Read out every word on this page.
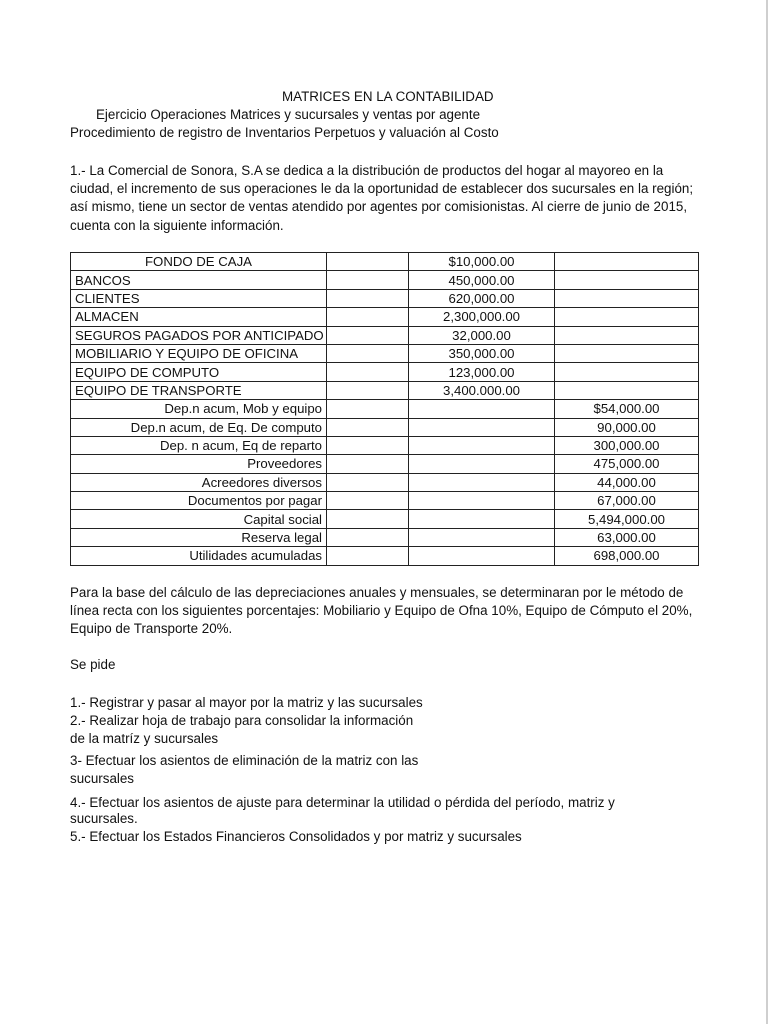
MATRICES EN LA CONTABILIDAD
Ejercicio Operaciones Matrices y sucursales y ventas por agente
Procedimiento de registro de Inventarios Perpetuos y valuación al Costo
1.- La Comercial de Sonora, S.A se dedica a la distribución de productos del hogar al mayoreo en la ciudad, el incremento de sus operaciones le da la oportunidad de establecer dos sucursales en la región; así mismo, tiene un sector de ventas atendido por agentes por comisionistas. Al cierre de junio de 2015, cuenta con la siguiente información.
FONDO DE CAJA		$10,000.00	
BANCOS		450,000.00	
CLIENTES		620,000.00	
ALMACEN		2,300,000.00	
SEGUROS PAGADOS POR ANTICIPADO		32,000.00	
MOBILIARIO Y EQUIPO DE OFICINA		350,000.00	
EQUIPO DE COMPUTO		123,000.00	
EQUIPO DE TRANSPORTE		3,400.000.00	
Dep.n acum, Mob y equipo			$54,000.00
Dep.n acum, de Eq. De computo			90,000.00
Dep. n acum, Eq de reparto			300,000.00
Proveedores			475,000.00
Acreedores diversos			44,000.00
Documentos por pagar			67,000.00
Capital social			5,494,000.00
Reserva legal			63,000.00
Utilidades acumuladas			698,000.00
Para la base del cálculo de las depreciaciones anuales y mensuales, se determinaran por le método de línea recta con los siguientes porcentajes: Mobiliario y Equipo de Ofna 10%, Equipo de Cómputo el 20%, Equipo de Transporte 20%.
Se pide
1.- Registrar y pasar al mayor por la matriz y las sucursales
2.- Realizar hoja de trabajo para consolidar la información
de la matríz y sucursales
3- Efectuar los asientos de eliminación de la matriz con las
sucursales
4.- Efectuar los asientos de ajuste para determinar la utilidad o pérdida del período, matriz y
sucursales.
5.- Efectuar los Estados Financieros Consolidados y por matriz y sucursales
